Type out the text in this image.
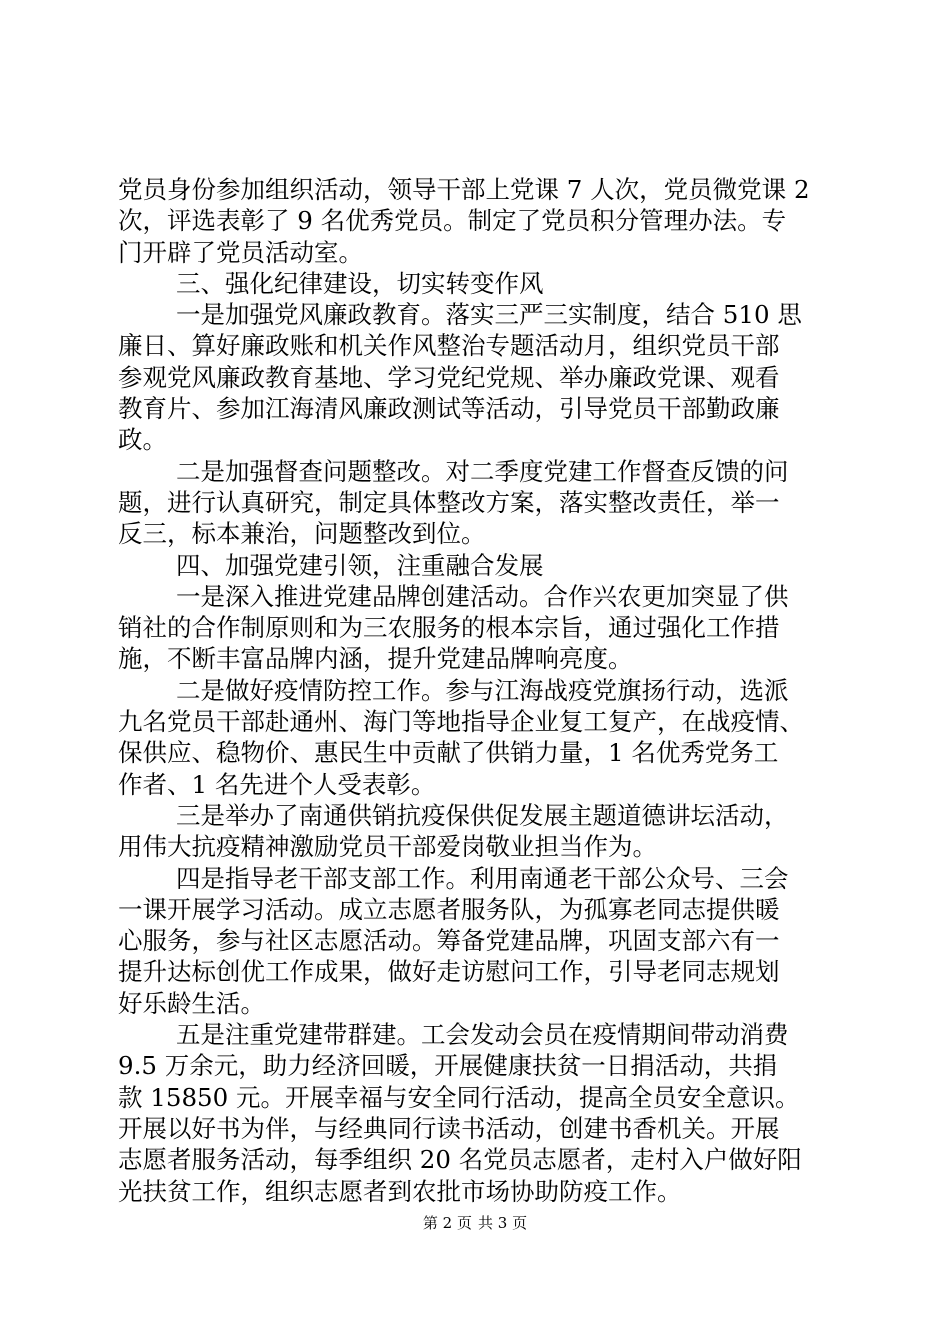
党员身份参加组织活动，领导干部上党课 7 人次，党员微党课 2
次，评选表彰了 9 名优秀党员。制定了党员积分管理办法。专
门开辟了党员活动室。
三、强化纪律建设，切实转变作风
一是加强党风廉政教育。落实三严三实制度，结合 510 思
廉日、算好廉政账和机关作风整治专题活动月，组织党员干部
参观党风廉政教育基地、学习党纪党规、举办廉政党课、观看
教育片、参加江海清风廉政测试等活动，引导党员干部勤政廉
政。
二是加强督查问题整改。对二季度党建工作督查反馈的问
题，进行认真研究，制定具体整改方案，落实整改责任，举一
反三，标本兼治，问题整改到位。
四、加强党建引领，注重融合发展
一是深入推进党建品牌创建活动。合作兴农更加突显了供
销社的合作制原则和为三农服务的根本宗旨，通过强化工作措
施，不断丰富品牌内涵，提升党建品牌响亮度。
二是做好疫情防控工作。参与江海战疫党旗扬行动，选派
九名党员干部赴通州、海门等地指导企业复工复产，在战疫情、
保供应、稳物价、惠民生中贡献了供销力量，1 名优秀党务工
作者、1 名先进个人受表彰。
三是举办了南通供销抗疫保供促发展主题道德讲坛活动，
用伟大抗疫精神激励党员干部爱岗敬业担当作为。
四是指导老干部支部工作。利用南通老干部公众号、三会
一课开展学习活动。成立志愿者服务队，为孤寡老同志提供暖
心服务，参与社区志愿活动。筹备党建品牌，巩固支部六有一
提升达标创优工作成果，做好走访慰问工作，引导老同志规划
好乐龄生活。
五是注重党建带群建。工会发动会员在疫情期间带动消费
9.5 万余元，助力经济回暖，开展健康扶贫一日捐活动，共捐
款 15850 元。开展幸福与安全同行活动，提高全员安全意识。
开展以好书为伴，与经典同行读书活动，创建书香机关。开展
志愿者服务活动，每季组织 20 名党员志愿者，走村入户做好阳
光扶贫工作，组织志愿者到农批市场协助防疫工作。
第 2 页 共 3 页
